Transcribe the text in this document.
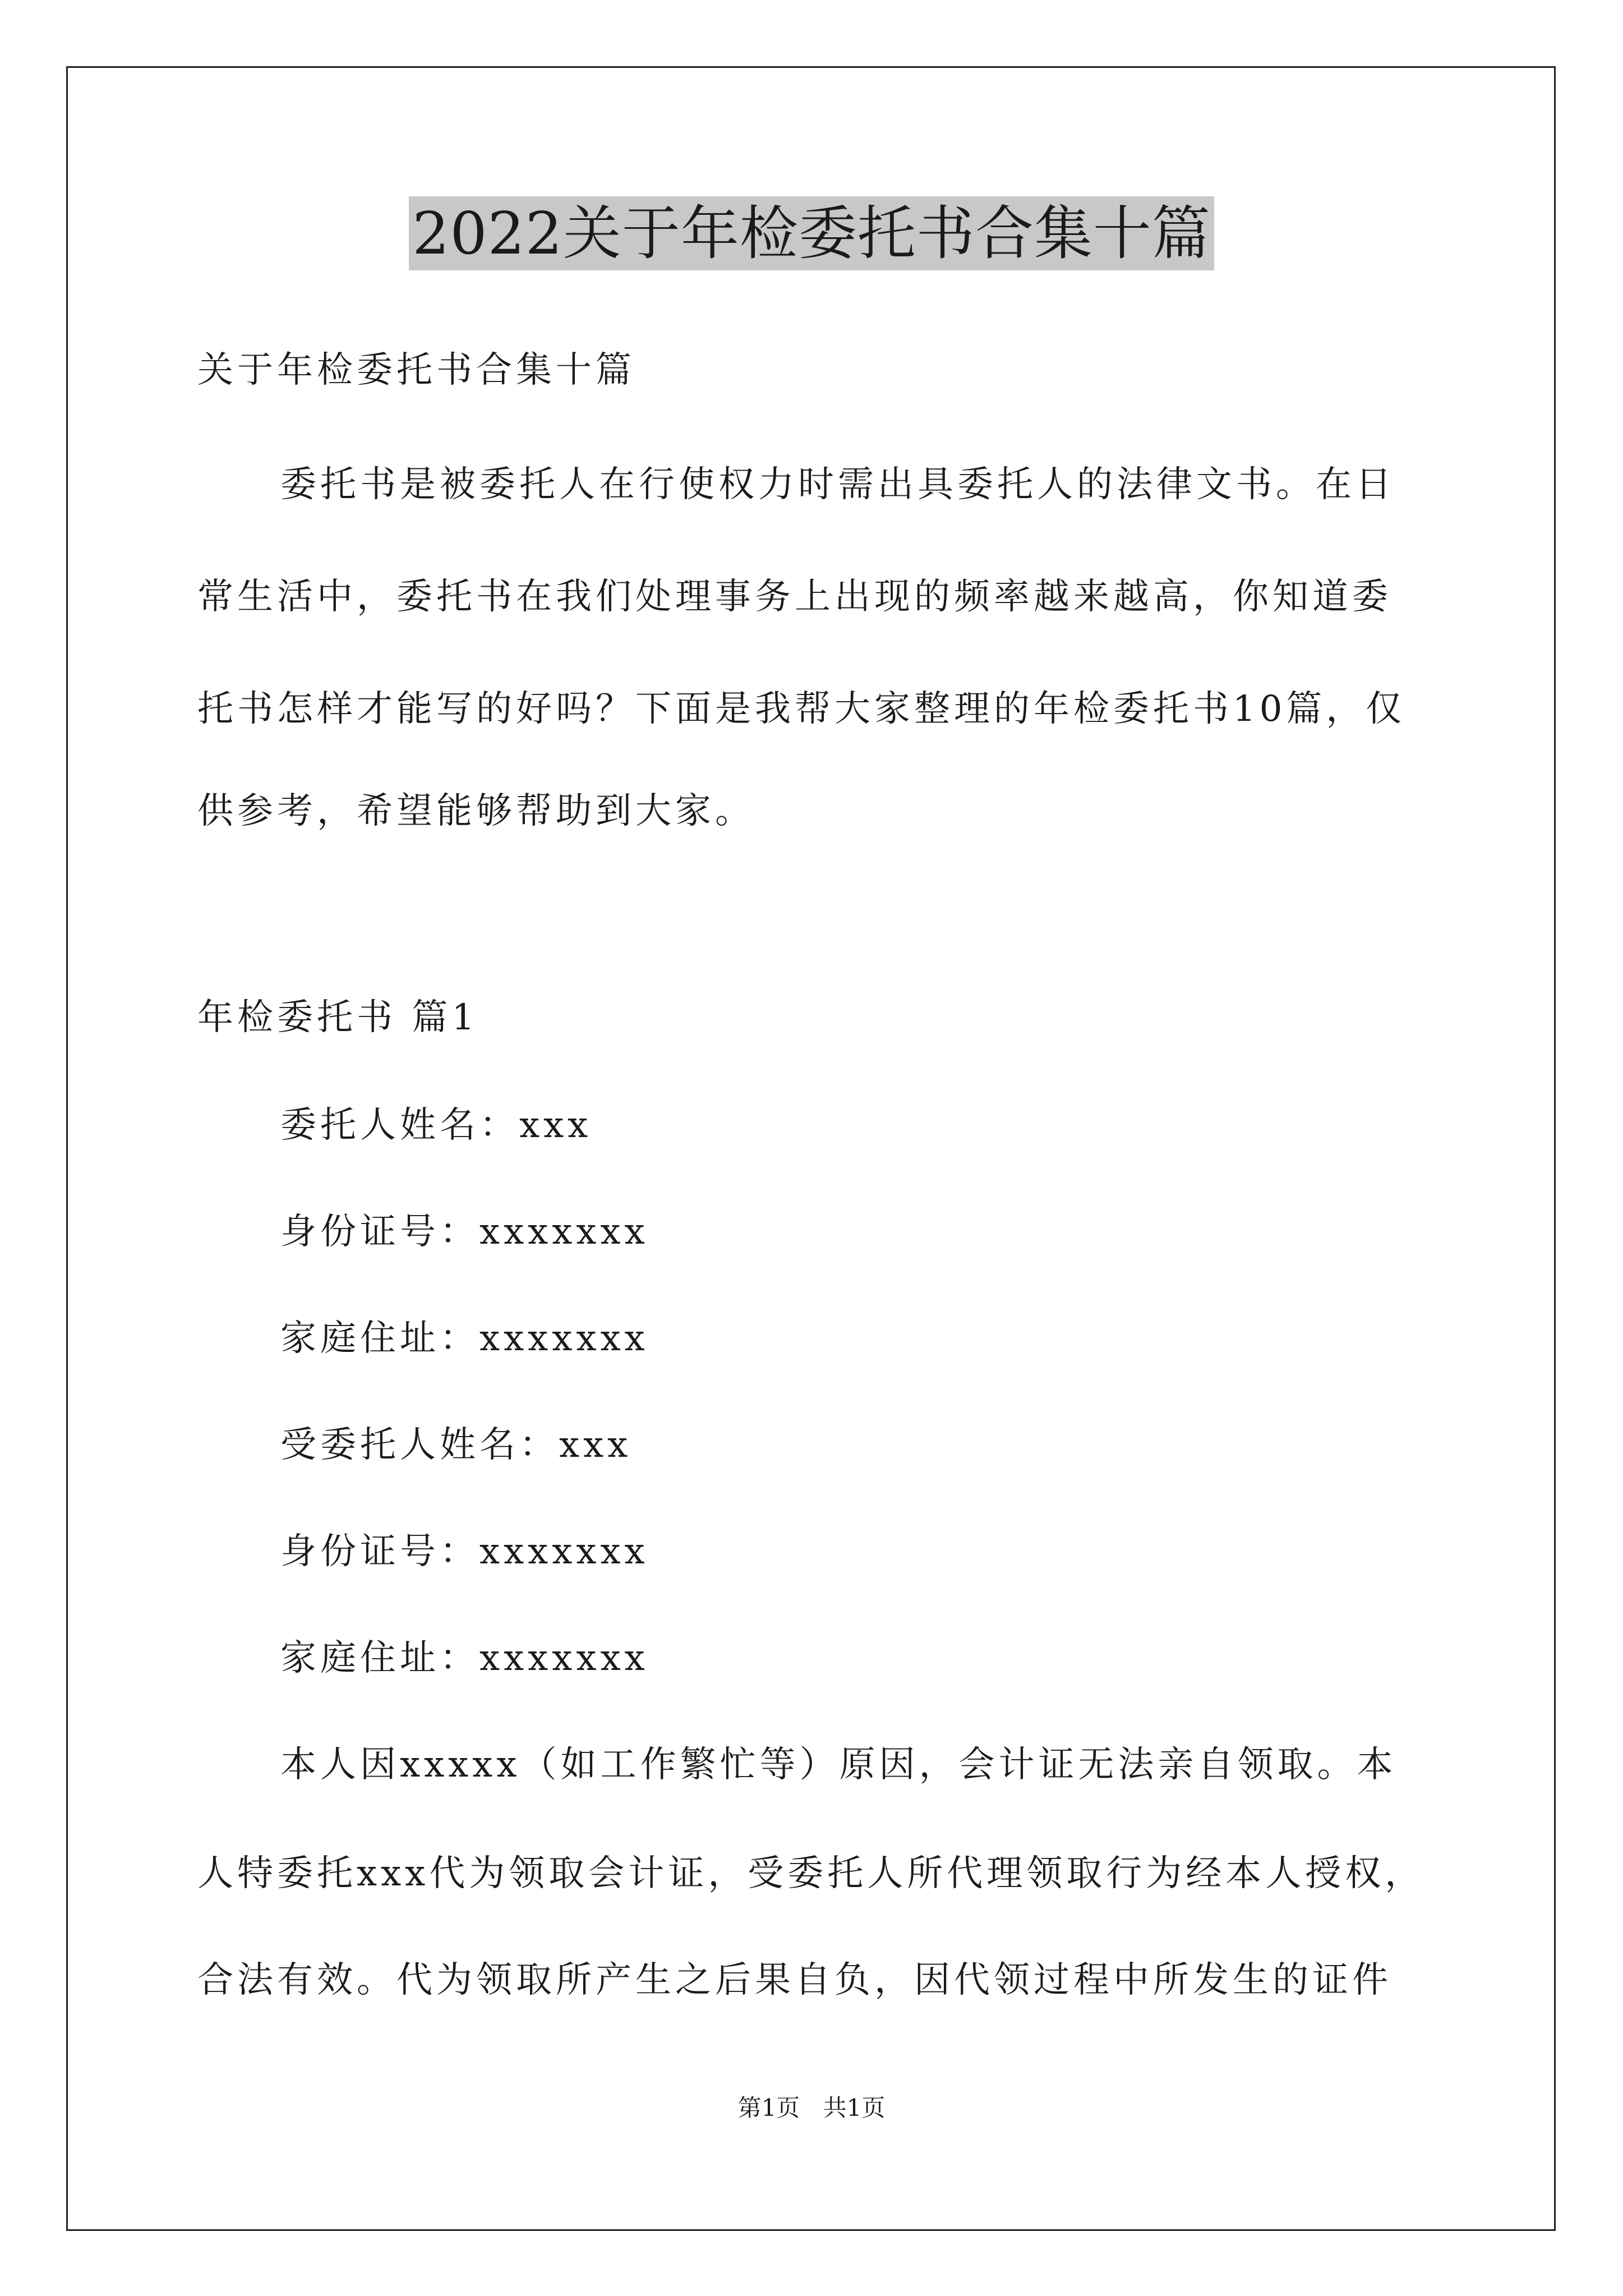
2022关于年检委托书合集十篇
关于年检委托书合集十篇
委托书是被委托人在行使权力时需出具委托人的法律文书。在日
常生活中，委托书在我们处理事务上出现的频率越来越高，你知道委
托书怎样才能写的好吗？下面是我帮大家整理的年检委托书10篇，仅
供参考，希望能够帮助到大家。
年检委托书 篇1
委托人姓名：xxx
身份证号：xxxxxxx
家庭住址：xxxxxxx
受委托人姓名：xxx
身份证号：xxxxxxx
家庭住址：xxxxxxx
本人因xxxxx（如工作繁忙等）原因，会计证无法亲自领取。本
人特委托xxx代为领取会计证，受委托人所代理领取行为经本人授权，
合法有效。代为领取所产生之后果自负，因代领过程中所发生的证件
第1页 共1页
